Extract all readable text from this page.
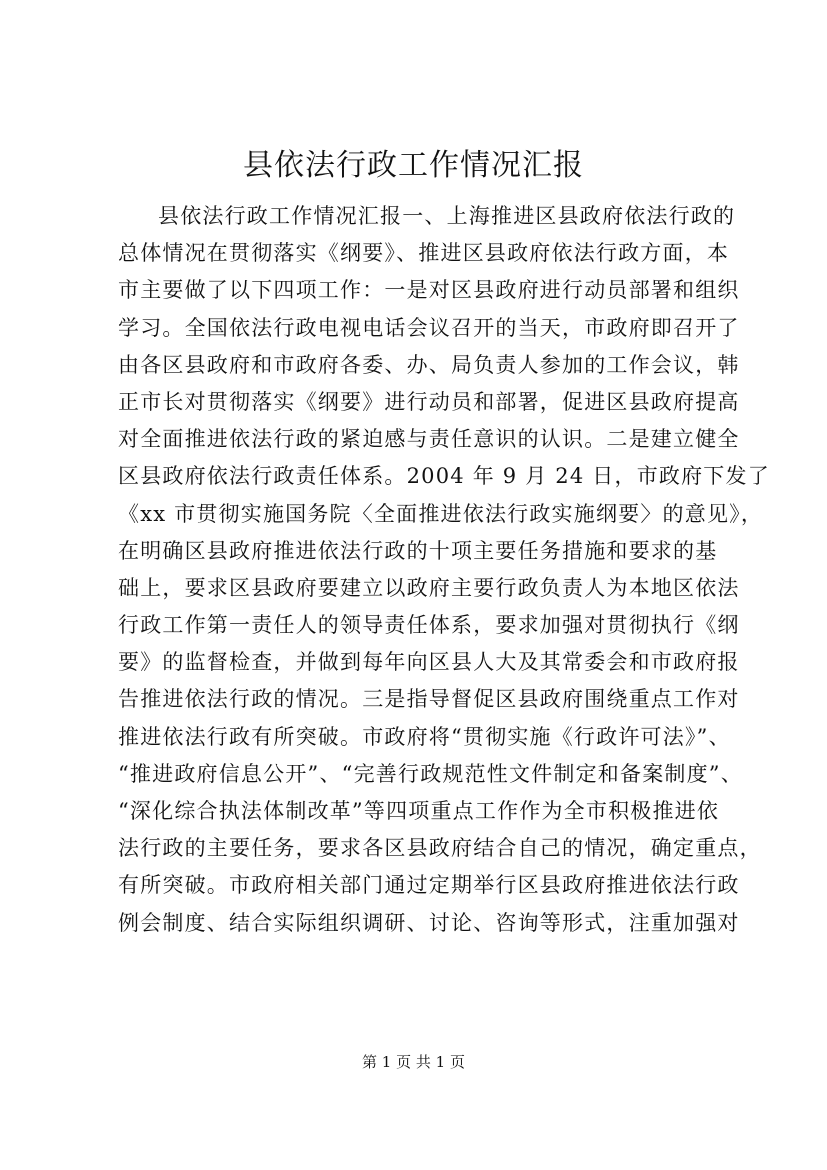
县依法行政工作情况汇报
县依法行政工作情况汇报一、上海推进区县政府依法行政的
总体情况在贯彻落实《纲要》、推进区县政府依法行政方面，本
市主要做了以下四项工作：一是对区县政府进行动员部署和组织
学习。全国依法行政电视电话会议召开的当天，市政府即召开了
由各区县政府和市政府各委、办、局负责人参加的工作会议，韩
正市长对贯彻落实《纲要》进行动员和部署，促进区县政府提高
对全面推进依法行政的紧迫感与责任意识的认识。二是建立健全
区县政府依法行政责任体系。2004 年 9 月 24 日，市政府下发了
《xx 市贯彻实施国务院〈全面推进依法行政实施纲要〉的意见》，
在明确区县政府推进依法行政的十项主要任务措施和要求的基
础上，要求区县政府要建立以政府主要行政负责人为本地区依法
行政工作第一责任人的领导责任体系，要求加强对贯彻执行《纲
要》的监督检查，并做到每年向区县人大及其常委会和市政府报
告推进依法行政的情况。三是指导督促区县政府围绕重点工作对
推进依法行政有所突破。市政府将“贯彻实施《行政许可法》”、
“推进政府信息公开”、“完善行政规范性文件制定和备案制度”、
“深化综合执法体制改革”等四项重点工作作为全市积极推进依
法行政的主要任务，要求各区县政府结合自己的情况，确定重点，
有所突破。市政府相关部门通过定期举行区县政府推进依法行政
例会制度、结合实际组织调研、讨论、咨询等形式，注重加强对
第 1 页 共 1 页
